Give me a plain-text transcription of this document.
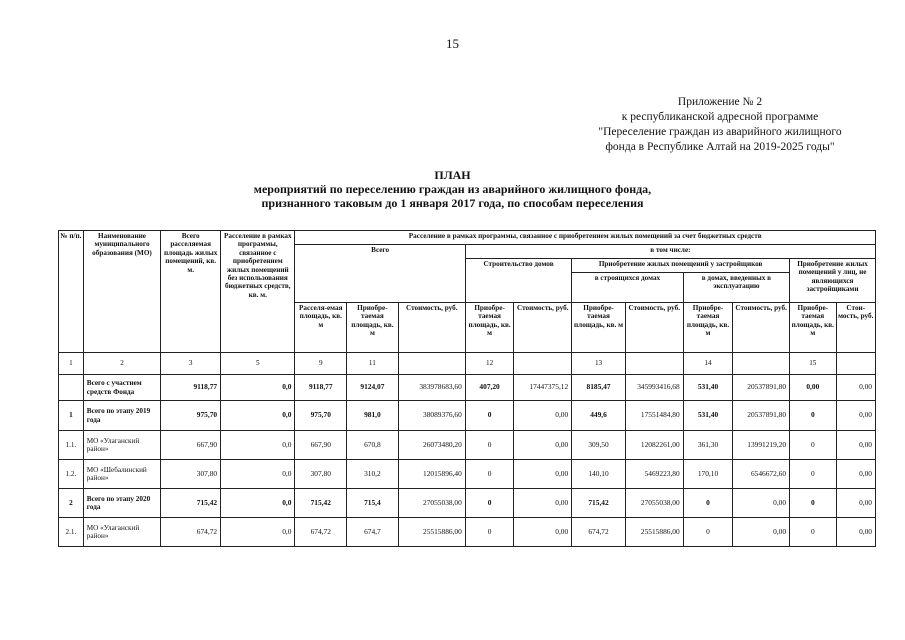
15
Приложение № 2
к республиканской адресной программе
"Переселение граждан из аварийного жилищного
фонда в Республике Алтай на 2019-2025 годы"
ПЛАН
мероприятий по переселению граждан из аварийного жилищного фонда,
признанного таковым до 1 января 2017 года, по способам переселения
№ п/п.	Наименование муниципального образования (МО)	Всего расселяемая площадь жилых помещений, кв. м.	Расселение в рамках программы, связанное с приобретением жилых помещений без использования бюджетных средств, кв. м.	Расселение в рамках программы, связанное с приобретением жилых помещений за счет бюджетных средств										
				Всего			в том числе:							
							Строительство домов		Приобретение жилых помещений у застройщиков				Приобретение жилых помещений у лиц, не являющихся застройщиками	
									в строящихся домах		в домах, введенных в эксплуатацию			
				Расселя-емая площадь, кв. м	Приобре-таемая площадь, кв. м	Стоимость, руб.	Приобре-таемая площадь, кв. м	Стоимость, руб.	Приобре-таемая площадь, кв. м	Стоимость, руб.	Приобре-таемая площадь, кв. м	Стоимость, руб.	Приобре-таемая площадь, кв. м	Стои-мость, руб.
1	2	3	5	9	11		12		13		14		15	
	Всего с участием средств Фонда	9118,77	0,0	9118,77	9124,07	383978683,60	407,20	17447375,12	8185,47	345993416,68	531,40	20537891,80	0,00	0,00
1	Всего по этапу 2019 года	975,70	0,0	975,70	981,0	38089376,60	0	0,00	449,6	17551484,80	531,40	20537891,80	0	0,00
1.1.	МО «Улаганский район»	667,90	0,0	667,90	670,8	26073480,20	0	0,00	309,50	12082261,00	361,30	13991219,20	0	0,00
1.2.	МО «Шебалинский район»	307,80	0,0	307,80	310,2	12015896,40	0	0,00	140,10	5469223,80	170,10	6546672,60	0	0,00
2	Всего по этапу 2020 года	715,42	0,0	715,42	715,4	27055038,00	0	0,00	715,42	27055038,00	0	0,00	0	0,00
2.1.	МО «Улаганский район»	674,72	0,0	674,72	674,7	25515886,00	0	0,00	674,72	25515886,00	0	0,00	0	0,00
